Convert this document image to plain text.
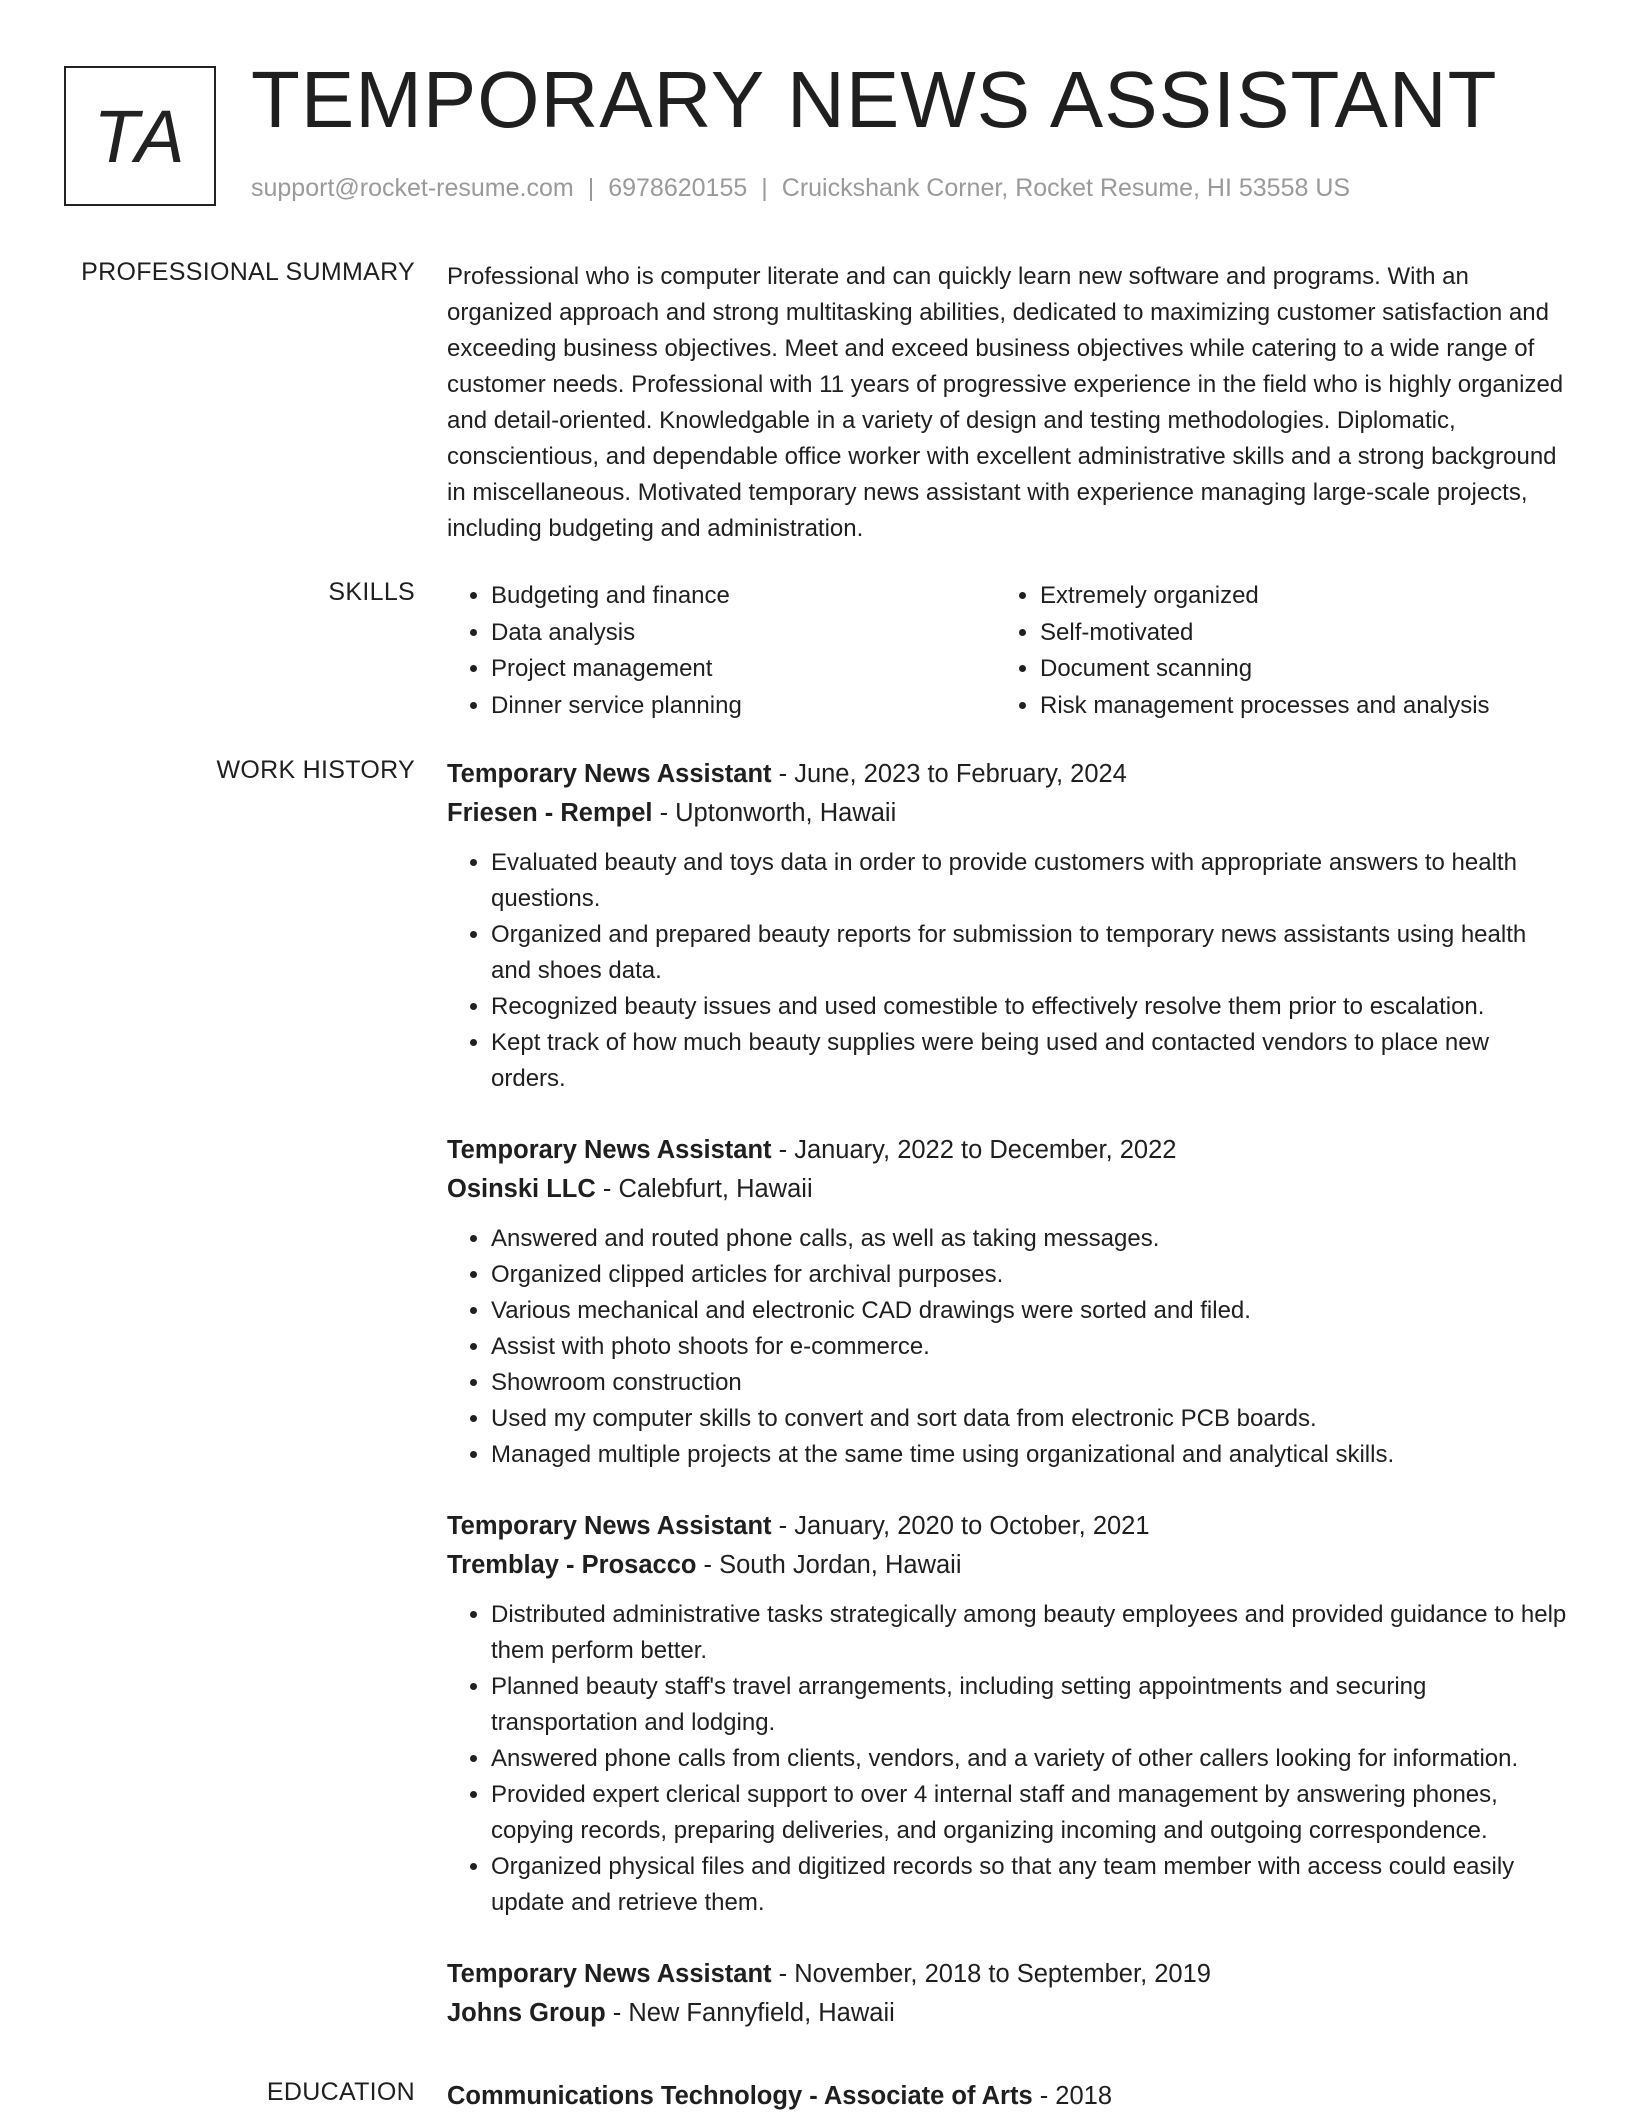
TA TEMPORARY NEWS ASSISTANT
support@rocket-resume.com | 6978620155 | Cruickshank Corner, Rocket Resume, HI 53558 US
PROFESSIONAL SUMMARY Professional who is computer literate and can quickly learn new software and programs. With an organized approach and strong multitasking abilities, dedicated to maximizing customer satisfaction and exceeding business objectives. Meet and exceed business objectives while catering to a wide range of customer needs. Professional with 11 years of progressive experience in the field who is highly organized and detail-oriented. Knowledgable in a variety of design and testing methodologies. Diplomatic, conscientious, and dependable office worker with excellent administrative skills and a strong background in miscellaneous. Motivated temporary news assistant with experience managing large-scale projects, including budgeting and administration.

SKILLS
•	Budgeting and finance
• Data analysis
• Project management
• Dinner service planning
• Extremely organized
• Self-motivated
• Document scanning
• Risk management processes and analysis
WORK HISTORY Temporary News Assistant - June, 2023 to February, 2024
Friesen - Rempel - Uptonworth, Hawaii
• Evaluated beauty and toys data in order to provide customers with appropriate answers to health questions.
• Organized and prepared beauty reports for submission to temporary news assistants using health and shoes data.
• Recognized beauty issues and used comestible to effectively resolve them prior to escalation.
• Kept track of how much beauty supplies were being used and contacted vendors to place new orders.
Temporary News Assistant - January, 2022 to December, 2022
Osinski LLC - Calebfurt, Hawaii
• Answered and routed phone calls, as well as taking messages.
• Organized clipped articles for archival purposes.
• Various mechanical and electronic CAD drawings were sorted and filed.
• Assist with photo shoots for e-commerce.
• Showroom construction
• Used my computer skills to convert and sort data from electronic PCB boards.
• Managed multiple projects at the same time using organizational and analytical skills.
Temporary News Assistant - January, 2020 to October, 2021
Tremblay - Prosacco - South Jordan, Hawaii
• Distributed administrative tasks strategically among beauty employees and provided guidance to help them perform better.
• Planned beauty staff's travel arrangements, including setting appointments and securing transportation and lodging.
• Answered phone calls from clients, vendors, and a variety of other callers looking for information.
• Provided expert clerical support to over 4 internal staff and management by answering phones, copying records, preparing deliveries, and organizing incoming and outgoing correspondence.
• Organized physical files and digitized records so that any team member with access could easily update and retrieve them.
Temporary News Assistant - November, 2018 to September, 2019
Johns Group - New Fannyfield, Hawaii
EDUCATION Communications Technology - Associate of Arts - 2018
